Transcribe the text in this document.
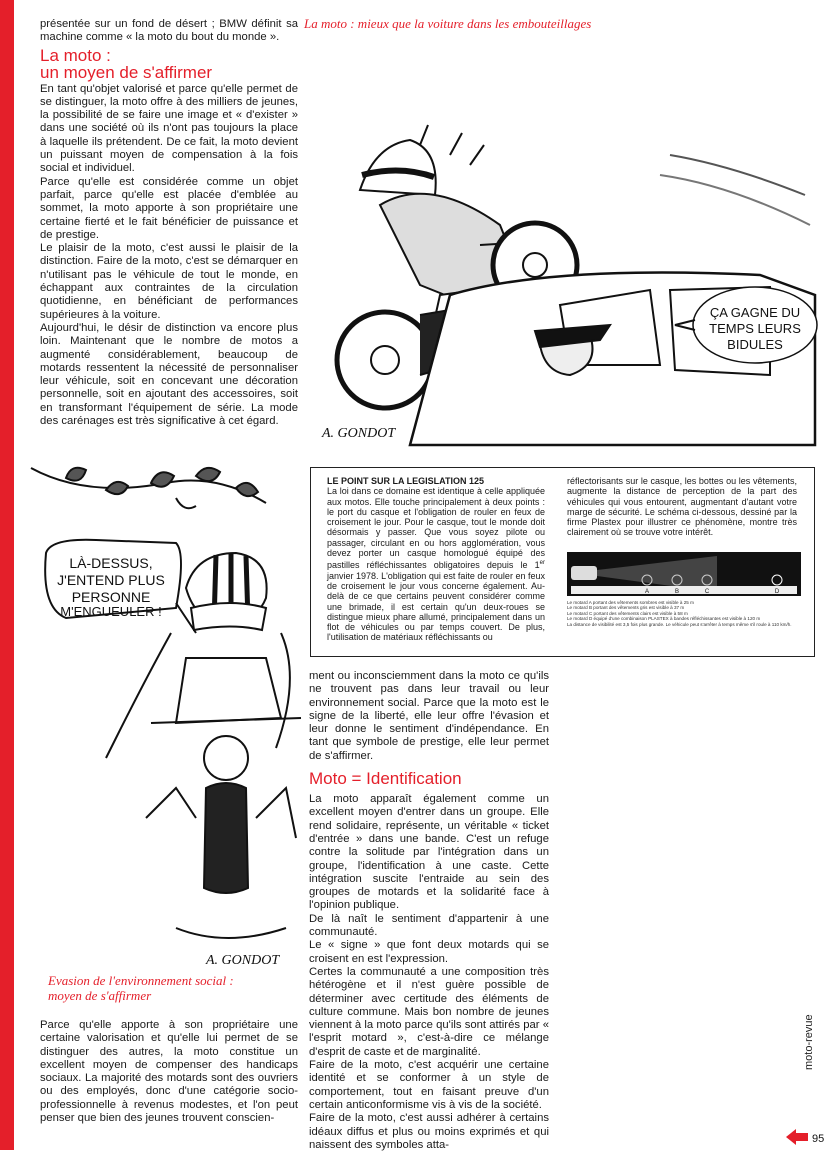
présentée sur un fond de désert ; BMW définit sa machine comme « la moto du bout du monde ».

La moto :
un moyen de s'affirmer

En tant qu'objet valorisé et parce qu'elle permet de se distinguer, la moto offre à des milliers de jeunes, la possibilité de se faire une image et « d'exister » dans une société où ils n'ont pas toujours la place à laquelle ils prétendent. De ce fait, la moto devient un puissant moyen de compensation à la fois social et individuel.

Parce qu'elle est considérée comme un objet parfait, parce qu'elle est placée d'emblée au sommet, la moto apporte à son propriétaire une certaine fierté et le fait bénéficier de puissance et de prestige.

Le plaisir de la moto, c'est aussi le plaisir de la distinction. Faire de la moto, c'est se démarquer en n'utilisant pas le véhicule de tout le monde, en échappant aux contraintes de la circulation quotidienne, en bénéficiant de performances supérieures à la voiture.

Aujourd'hui, le désir de distinction va encore plus loin. Maintenant que le nombre de motos a augmenté considérablement, beaucoup de motards ressentent la nécessité de personnaliser leur véhicule, soit en concevant une décoration personnelle, soit en ajoutant des accessoires, soit en transformant l'équipement de série. La mode des carénages est très significative à cet égard.

La moto : mieux que la voiture dans les embouteillages
ÇA GAGNE DU
TEMPS LEURS
BIDULES
A. GONDOT
LÀ-DESSUS,
J'ENTEND PLUS
PERSONNE
M'ENGUEULER !
A. GONDOT
Evasion de l'environnement social :
moyen de s'affirmer

Parce qu'elle apporte à son propriétaire une certaine valorisation et qu'elle lui permet de se distinguer des autres, la moto constitue un excellent moyen de compenser des handicaps sociaux. La majorité des motards sont des ouvriers ou des employés, donc d'une catégorie socio-professionnelle à revenus modestes, et l'on peut penser que bien des jeunes trouvent conscien-

LE POINT SUR LA LEGISLATION 125
La loi dans ce domaine est identique à celle appliquée aux motos. Elle touche principalement à deux points : le port du casque et l'obligation de rouler en feux de croisement le jour. Pour le casque, tout le monde doit désormais y passer. Que vous soyez pilote ou passager, circulant en ou hors agglomération, vous devez porter un casque homologué équipé des pastilles réfléchissantes obligatoires depuis le 1er janvier 1978. L'obligation qui est faite de rouler en feux de croisement le jour vous concerne également. Au-delà de ce que certains peuvent considérer comme une brimade, il est certain qu'un deux-roues se distingue mieux phare allumé, principalement dans un flot de véhicules ou par temps couvert. De plus, l'utilisation de matériaux réfléchissants ou
réflectorisants sur le casque, les bottes ou les vêtements, augmente la distance de perception de la part des véhicules qui vous entourent, augmentant d'autant votre marge de sécurité. Le schéma ci-dessous, dessiné par la firme Plastex pour illustrer ce phénomène, montre très clairement où se trouve votre intérêt.
A	B	C	D
Le motard A portant des vêtements sombres est visible à 25 m
Le motard B portant des vêtements gris est visible à 37 m
Le motard C portant des vêtements clairs est visible à 58 m
Le motard D équipé d'une combinaison PLASTEX à bandes réfléchissantes est visible à 120 m
La distance de visibilité est 3,5 fois plus grande. Le véhicule peut s'arrêter à temps même s'il roule à 110 km/h.

ment ou inconsciemment dans la moto ce qu'ils ne trouvent pas dans leur travail ou leur environnement social. Parce que la moto est le signe de la liberté, elle leur offre l'évasion et leur donne le sentiment d'indépendance. En tant que symbole de prestige, elle leur permet de s'affirmer.

Moto = Identification

La moto apparaît également comme un excellent moyen d'entrer dans un groupe. Elle rend solidaire, représente, un véritable « ticket d'entrée » dans une bande. C'est un refuge contre la solitude par l'intégration dans un groupe, l'identification à une caste. Cette intégration suscite l'entraide au sein des groupes de motards et la solidarité face à l'opinion publique.

De là naît le sentiment d'appartenir à une communauté.

Le « signe » que font deux motards qui se croisent en est l'expression.

Certes la communauté a une composition très hétérogène et il n'est guère possible de déterminer avec certitude des éléments de culture commune. Mais bon nombre de jeunes viennent à la moto parce qu'ils sont attirés par « l'esprit motard », c'est-à-dire ce mélange d'esprit de caste et de marginalité.

Faire de la moto, c'est acquérir une certaine identité et se conformer à un style de comportement, tout en faisant preuve d'un certain anticonformisme vis à vis de la société.

Faire de la moto, c'est aussi adhérer à certains idéaux diffus et plus ou moins exprimés et qui naissent des symboles atta-

moto-revue
95
